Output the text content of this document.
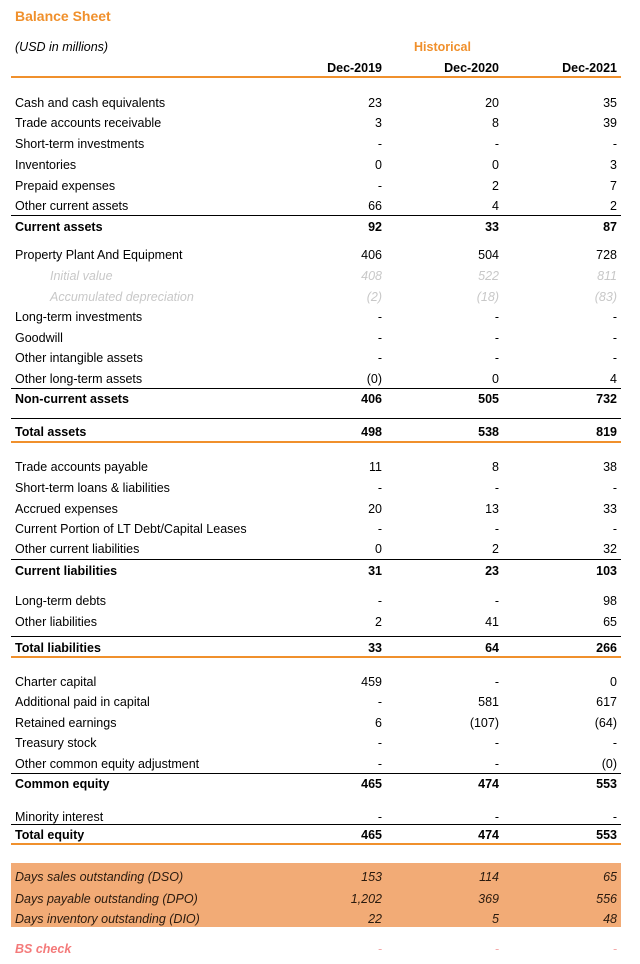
Balance Sheet
(USD in millions)	Historical
Dec-2019	Dec-2020	Dec-2021
Cash and cash equivalents	23	20	35
Trade accounts receivable	3	8	39
Short-term investments	-	-	-
Inventories	0	0	3
Prepaid expenses	-	2	7
Other current assets	66	4	2
Current assets	92	33	87
Property Plant And Equipment	406	504	728
Initial value	408	522	811
Accumulated depreciation	(2)	(18)	(83)
Long-term investments	-	-	-
Goodwill	-	-	-
Other intangible assets	-	-	-
Other long-term assets	(0)	0	4
Non-current assets	406	505	732
Total assets	498	538	819
Trade accounts payable	11	8	38
Short-term loans & liabilities	-	-	-
Accrued expenses	20	13	33
Current Portion of LT Debt/Capital Leases	-	-	-
Other current liabilities	0	2	32
Current liabilities	31	23	103
Long-term debts	-	-	98
Other liabilities	2	41	65
Total liabilities	33	64	266
Charter capital	459	-	0
Additional paid in capital	-	581	617
Retained earnings	6	(107)	(64)
Treasury stock	-	-	-
Other common equity adjustment	-	-	(0)
Common equity	465	474	553
Minority interest	-	-	-
Total equity	465	474	553
Days sales outstanding (DSO)	153	114	65
Days payable outstanding (DPO)	1,202	369	556
Days inventory outstanding (DIO)	22	5	48
BS check	-	-	-
